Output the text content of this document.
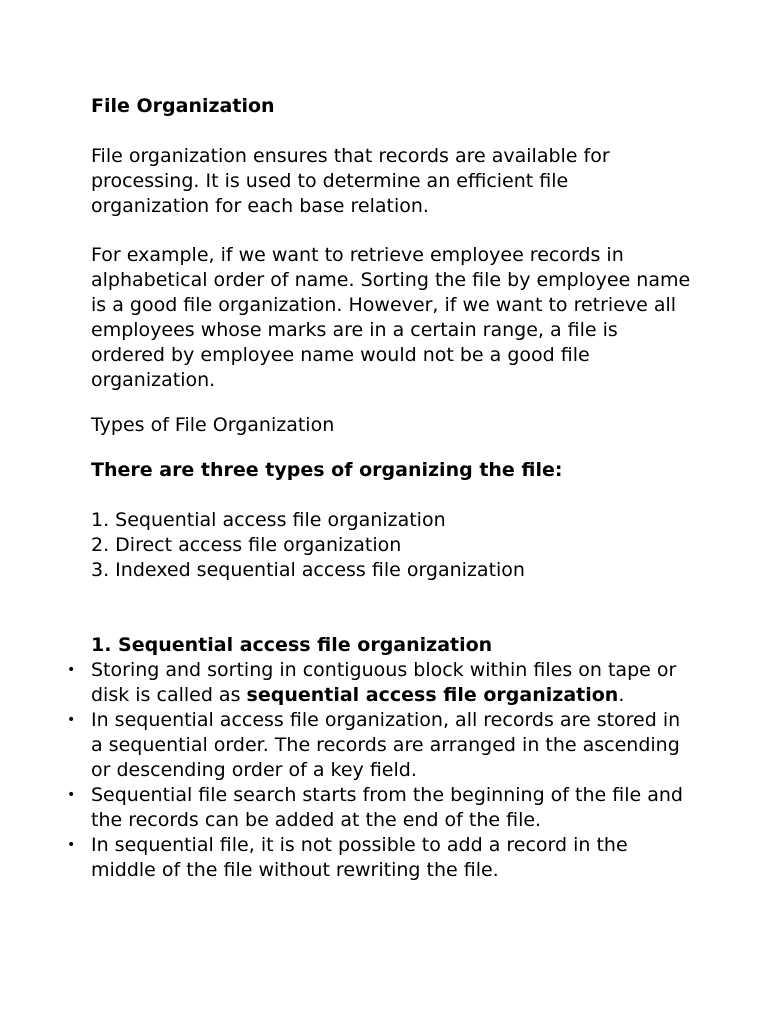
File Organization

File organization ensures that records are available for processing. It is used to determine an efficient file organization for each base relation.

For example, if we want to retrieve employee records in alphabetical order of name. Sorting the file by employee name is a good file organization. However, if we want to retrieve all employees whose marks are in a certain range, a file is ordered by employee name would not be a good file organization.

Types of File Organization

There are three types of organizing the file:

1. Sequential access file organization

2. Direct access file organization

3. Indexed sequential access file organization

1. Sequential access file organization

• Storing and sorting in contiguous block within files on tape or disk is called as sequential access file organization.
• In sequential access file organization, all records are stored in a sequential order. The records are arranged in the ascending or descending order of a key field.
• Sequential file search starts from the beginning of the file and the records can be added at the end of the file.
• In sequential file, it is not possible to add a record in the middle of the file without rewriting the file.
